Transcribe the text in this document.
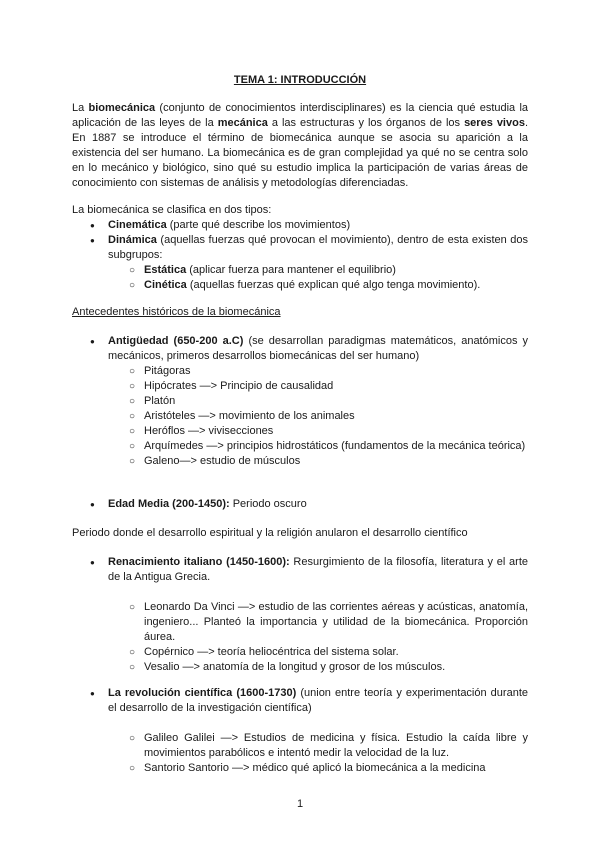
TEMA 1: INTRODUCCIÓN
La biomecánica (conjunto de conocimientos interdisciplinares) es la ciencia qué estudia la aplicación de las leyes de la mecánica a las estructuras y los órganos de los seres vivos. En 1887 se introduce el término de biomecánica aunque se asocia su aparición a la existencia del ser humano. La biomecánica es de gran complejidad ya qué no se centra solo en lo mecánico y biológico, sino qué su estudio implica la participación de varias áreas de conocimiento con sistemas de análisis y metodologías diferenciadas.
La biomecánica se clasifica en dos tipos:
● Cinemática (parte qué describe los movimientos)
● Dinámica (aquellas fuerzas qué provocan el movimiento), dentro de esta existen dos subgrupos:
○ Estática (aplicar fuerza para mantener el equilibrio)
○ Cinética (aquellas fuerzas qué explican qué algo tenga movimiento).
Antecedentes históricos de la biomecánica
● Antigüedad (650-200 a.C) (se desarrollan paradigmas matemáticos, anatómicos y mecánicos, primeros desarrollos biomecánicas del ser humano)
○ Pitágoras
○ Hipócrates —> Principio de causalidad
○ Platón
○ Aristóteles —> movimiento de los animales
○ Heróflos —> vivisecciones
○ Arquímedes —> principios hidrostáticos (fundamentos de la mecánica teórica)
○ Galeno—> estudio de músculos
● Edad Media (200-1450): Periodo oscuro
Periodo donde el desarrollo espiritual y la religión anularon el desarrollo científico
● Renacimiento italiano (1450-1600): Resurgimiento de la filosofía, literatura y el arte de la Antigua Grecia.
○ Leonardo Da Vinci —> estudio de las corrientes aéreas y acústicas, anatomía, ingeniero... Planteó la importancia y utilidad de la biomecánica. Proporción áurea.
○ Copérnico —> teoría heliocéntrica del sistema solar.
○ Vesalio —> anatomía de la longitud y grosor de los músculos.
● La revolución científica (1600-1730) (union entre teoría y experimentación durante el desarrollo de la investigación científica)
○ Galileo Galilei —> Estudios de medicina y física. Estudio la caída libre y movimientos parabólicos e intentó medir la velocidad de la luz.
○ Santorio Santorio —> médico qué aplicó la biomecánica a la medicina
1
